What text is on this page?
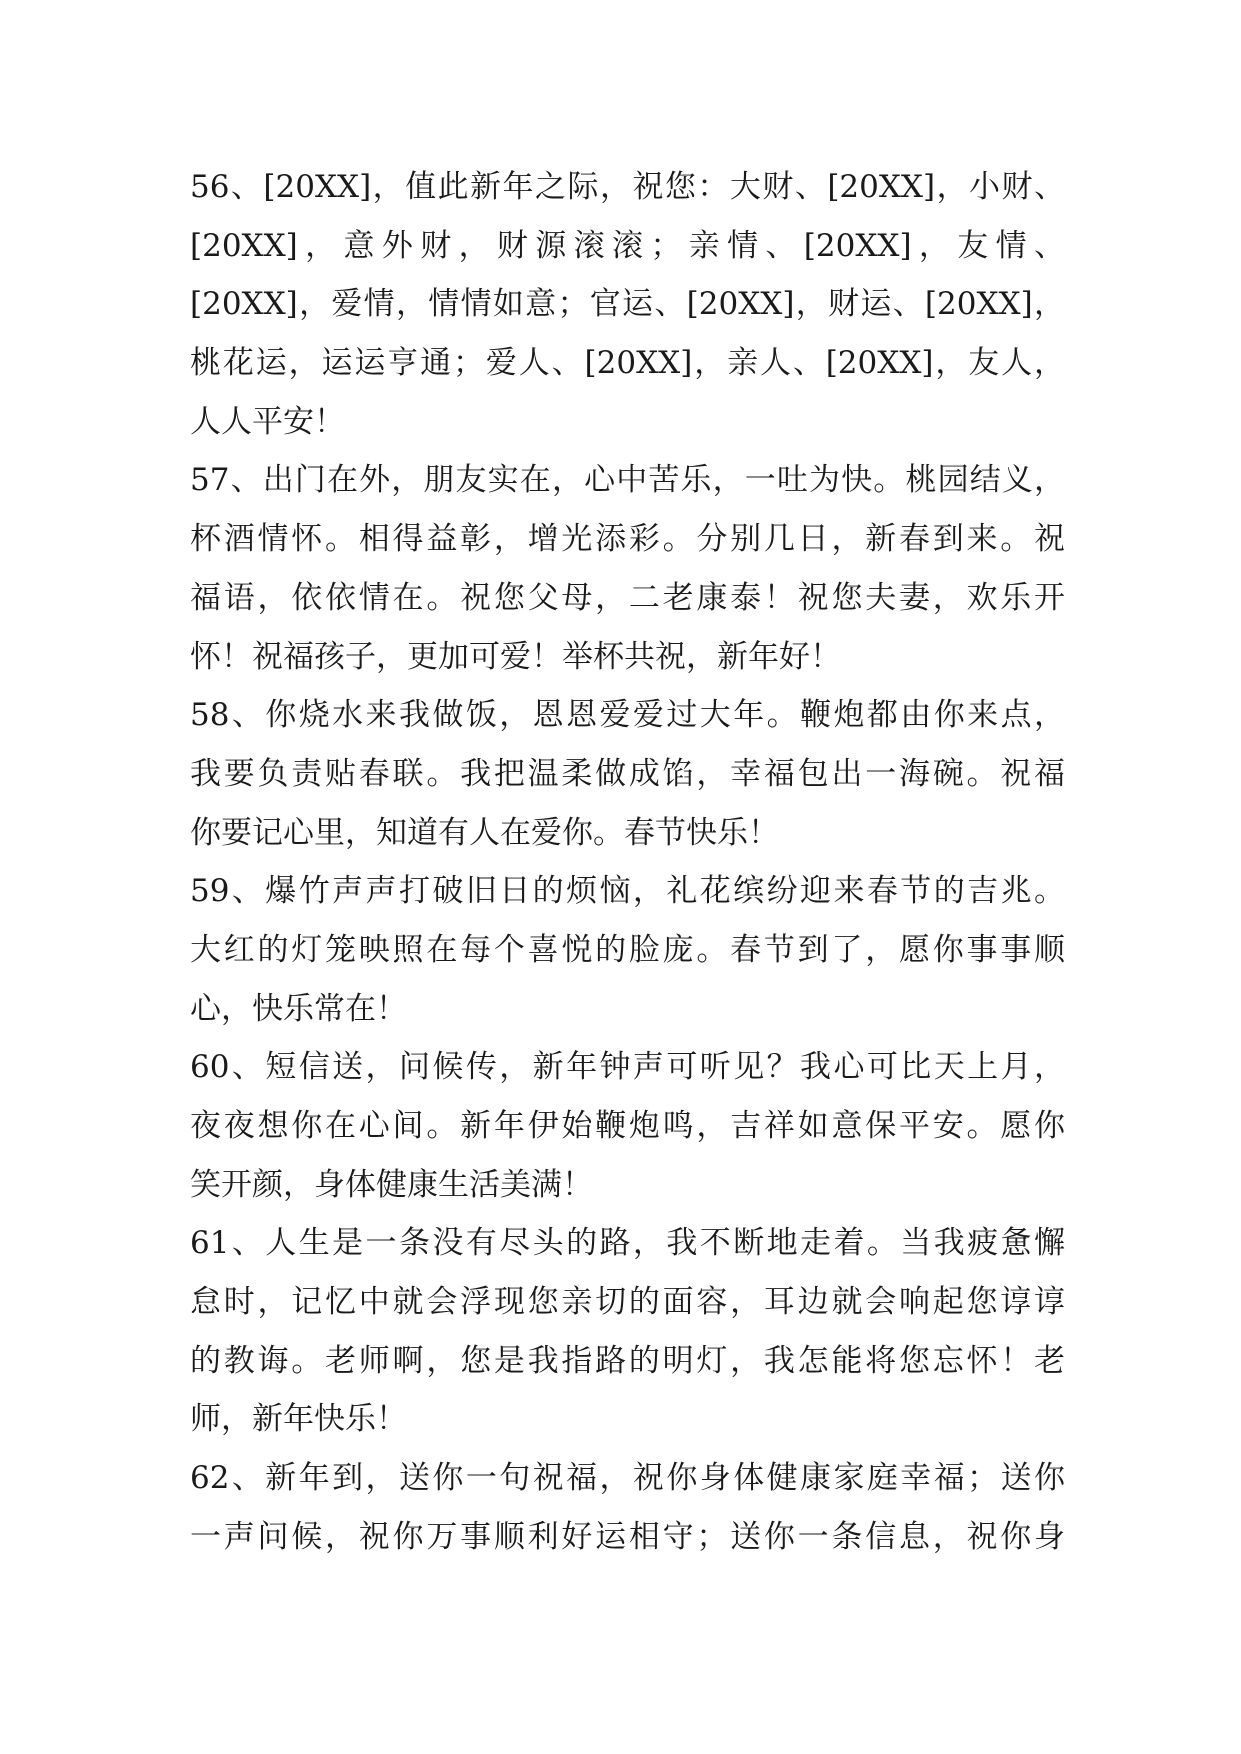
56、[20XX]，值此新年之际，祝您：大财、[20XX]，小财、
[20XX]，意外财，财源滚滚；亲情、[20XX]，友情、
[20XX]，爱情，情情如意；官运、[20XX]，财运、[20XX]，
桃花运，运运亨通；爱人、[20XX]，亲人、[20XX]，友人，
人人平安！
57、出门在外，朋友实在，心中苦乐，一吐为快。桃园结义，
杯酒情怀。相得益彰，增光添彩。分别几日，新春到来。祝
福语，依依情在。祝您父母，二老康泰！祝您夫妻，欢乐开
怀！祝福孩子，更加可爱！举杯共祝，新年好！
58、你烧水来我做饭，恩恩爱爱过大年。鞭炮都由你来点，
我要负责贴春联。我把温柔做成馅，幸福包出一海碗。祝福
你要记心里，知道有人在爱你。春节快乐！
59、爆竹声声打破旧日的烦恼，礼花缤纷迎来春节的吉兆。
大红的灯笼映照在每个喜悦的脸庞。春节到了，愿你事事顺
心，快乐常在！
60、短信送，问候传，新年钟声可听见？我心可比天上月，
夜夜想你在心间。新年伊始鞭炮鸣，吉祥如意保平安。愿你
笑开颜，身体健康生活美满！
61、人生是一条没有尽头的路，我不断地走着。当我疲惫懈
怠时，记忆中就会浮现您亲切的面容，耳边就会响起您谆谆
的教诲。老师啊，您是我指路的明灯，我怎能将您忘怀！老
师，新年快乐！
62、新年到，送你一句祝福，祝你身体健康家庭幸福；送你
一声问候，祝你万事顺利好运相守；送你一条信息，祝你身
